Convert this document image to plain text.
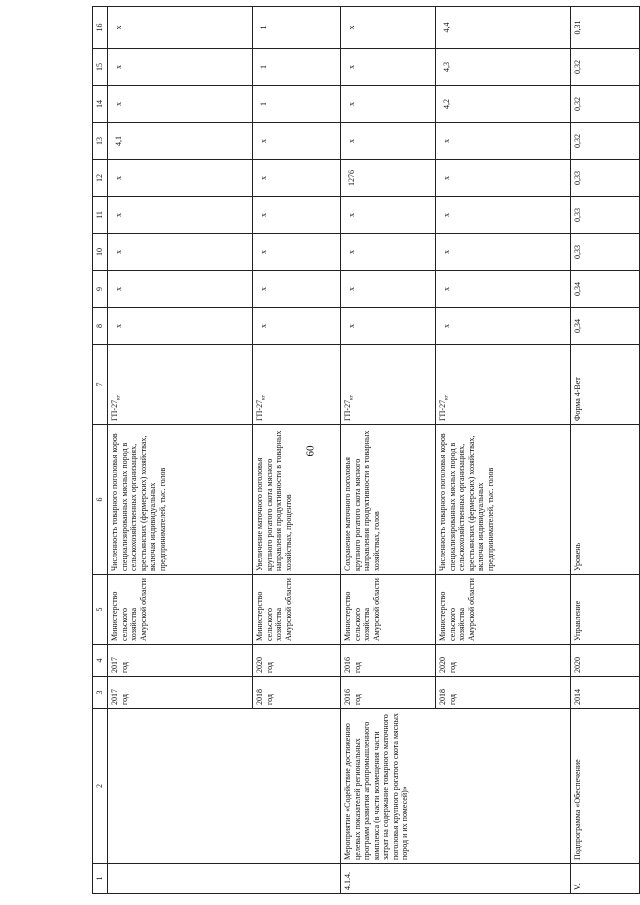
60
1	2	3	4	5	6	7	8	9	10	11	12	13	14	15	16
		2017 год	2017 год	Министерство сельского хозяйства Амурской области	Численность товарного поголовья коров специализированных мясных пород в сельскохозяйственных организациях, крестьянских (фермерских) хозяйствах, включая индивидуальных предпринимателей, тыс. голов	$ГП-27_{кт}$	х	х	х	х	х	4,1	х	х	х
		2018 год	2020 год	Министерство сельского хозяйства Амурской области	Увеличение маточного поголовья крупного рогатого скота мясного направления продуктивности в товарных хозяйствах, процентов	$ГП-27_{кт}$	х	х	х	х	х	х	1	1	1
4.1.4.	Мероприятие «Содействие достижению целевых показателей региональных программ развития агропромышленного комплекса (в части возмещения части затрат на содержание товарного маточного поголовья крупного рогатого скота мясных пород и их помесей)»	2016 год	2016 год	Министерство сельского хозяйства Амурской области	Сохранение маточного поголовья крупного рогатого скота мясного направления продуктивности в товарных хозяйствах, голов	$ГП-27_{кт}$	х	х	х	х	1276	х	х	х	х
		2018 год	2020 год	Министерство сельского хозяйства Амурской области	Численность товарного поголовья коров специализированных мясных пород в сельскохозяйственных организациях, крестьянских (фермерских) хозяйствах, включая индивидуальных предпринимателей, тыс. голов	$ГП-27_{кт}$	х	х	х	х	х	х	4,2	4,3	4,4
V.	Подпрограмма «Обеспечение	2014	2020	Управление	Уровень	Форма 4-Вет	0,34	0,34	0,33	0,33	0,33	0,32	0,32	0,32	0,31
